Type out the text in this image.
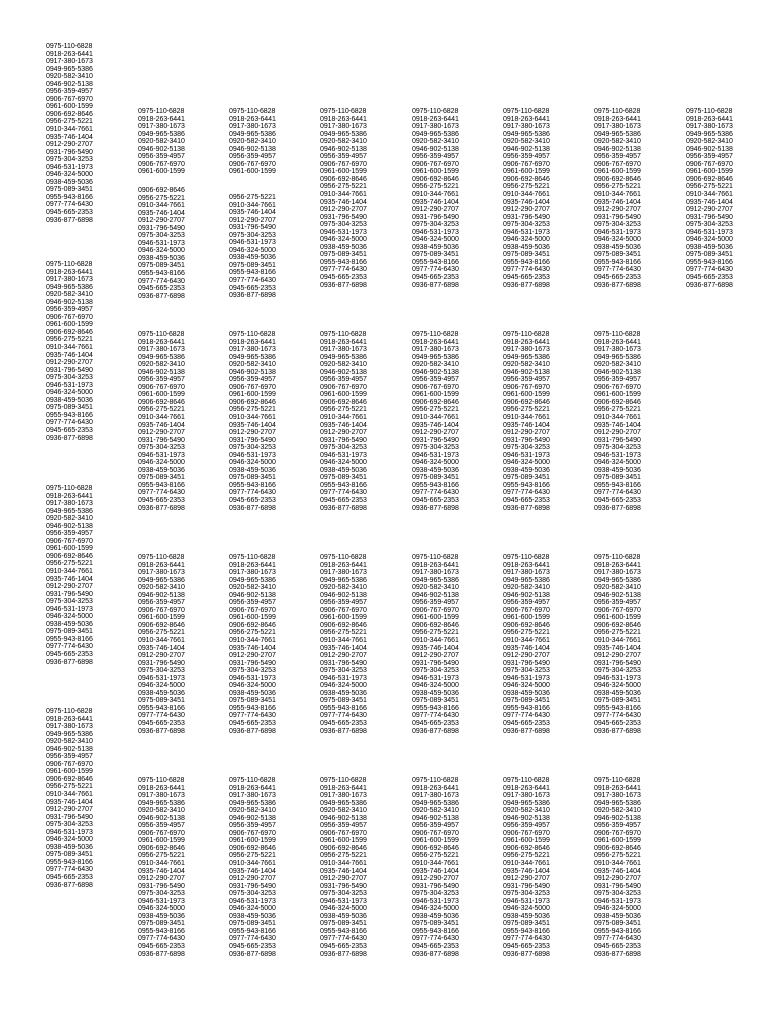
0975-110-6828
0918-263-6441
0917-380-1673
0949-965-5386
0920-582-3410
0946-902-5138
0956-359-4957
0906-767-6970
0961-600-1599
0906-692-8646
0956-275-5221
0910-344-7661
0935-746-1404
0912-290-2707
0931-796-5490
0975-304-3253
0946-531-1973
0946-324-5000
0938-459-5036
0975-089-3451
0955-943-8166
0977-774-6430
0945-665-2353
0936-877-6898
0975-110-6828
0918-263-6441
0917-380-1673
0949-965-5386
0920-582-3410
0946-902-5138
0956-359-4957
0906-767-6970
0961-600-1599
0906-692-8646
0956-275-5221
0910-344-7661
0935-746-1404
0912-290-2707
0931-796-5490
0975-304-3253
0946-531-1973
0946-324-5000
0938-459-5036
0975-089-3451
0955-943-8166
0977-774-6430
0945-665-2353
0936-877-6898
0975-110-6828
0918-263-6441
0917-380-1673
0949-965-5386
0920-582-3410
0946-902-5138
0956-359-4957
0906-767-6970
0961-600-1599
0906-692-8646
0956-275-5221
0910-344-7661
0935-746-1404
0912-290-2707
0931-796-5490
0975-304-3253
0946-531-1973
0946-324-5000
0938-459-5036
0975-089-3451
0955-943-8166
0977-774-6430
0945-665-2353
0936-877-6898
0975-110-6828
0918-263-6441
0917-380-1673
0949-965-5386
0920-582-3410
0946-902-5138
0956-359-4957
0906-767-6970
0961-600-1599
0906-692-8646
0956-275-5221
0910-344-7661
0935-746-1404
0912-290-2707
0931-796-5490
0975-304-3253
0946-531-1973
0946-324-5000
0938-459-5036
0975-089-3451
0955-943-8166
0977-774-6430
0945-665-2353
0936-877-6898
0975-110-6828
0918-263-6441
0917-380-1673
0949-965-5386
0920-582-3410
0946-902-5138
0956-359-4957
0906-767-6970
0961-600-1599
0906-692-8646
0956-275-5221
0910-344-7661
0935-746-1404
0912-290-2707
0931-796-5490
0975-304-3253
0946-531-1973
0946-324-5000
0938-459-5036
0975-089-3451
0955-943-8166
0977-774-6430
0945-665-2353
0936-877-6898
0975-110-6828
0918-263-6441
0917-380-1673
0949-965-5386
0920-582-3410
0946-902-5138
0956-359-4957
0906-767-6970
0961-600-1599
0956-275-5221
0910-344-7661
0935-746-1404
0912-290-2707
0931-796-5490
0975-304-3253
0946-531-1973
0946-324-5000
0938-459-5036
0975-089-3451
0955-943-8166
0977-774-6430
0945-665-2353
0936-877-6898
0975-110-6828
0918-263-6441
0917-380-1673
0949-965-5386
0920-582-3410
0946-902-5138
0956-359-4957
0906-767-6970
0961-600-1599
0906-692-8646
0956-275-5221
0910-344-7661
0935-746-1404
0912-290-2707
0931-796-5490
0975-304-3253
0946-531-1973
0946-324-5000
0938-459-5036
0975-089-3451
0955-943-8166
0977-774-6430
0945-665-2353
0936-877-6898
0975-110-6828
0918-263-6441
0917-380-1673
0949-965-5386
0920-582-3410
0946-902-5138
0956-359-4957
0906-767-6970
0961-600-1599
0906-692-8646
0956-275-5221
0910-344-7661
0935-746-1404
0912-290-2707
0931-796-5490
0975-304-3253
0946-531-1973
0946-324-5000
0938-459-5036
0975-089-3451
0955-943-8166
0977-774-6430
0945-665-2353
0936-877-6898
0975-110-6828
0918-263-6441
0917-380-1673
0949-965-5386
0920-582-3410
0946-902-5138
0956-359-4957
0906-767-6970
0961-600-1599
0906-692-8646
0956-275-5221
0910-344-7661
0935-746-1404
0912-290-2707
0931-796-5490
0975-304-3253
0946-531-1973
0946-324-5000
0938-459-5036
0975-089-3451
0955-943-8166
0977-774-6430
0945-665-2353
0936-877-6898
0975-110-6828
0918-263-6441
0917-380-1673
0949-965-5386
0920-582-3410
0946-902-5138
0956-359-4957
0906-767-6970
0961-600-1599
0906-692-8646
0956-275-5221
0910-344-7661
0935-746-1404
0912-290-2707
0931-796-5490
0975-304-3253
0946-531-1973
0946-324-5000
0938-459-5036
0975-089-3451
0955-943-8166
0977-774-6430
0945-665-2353
0936-877-6898
0975-110-6828
0918-263-6441
0917-380-1673
0949-965-5386
0920-582-3410
0946-902-5138
0956-359-4957
0906-767-6970
0961-600-1599
0906-692-8646
0956-275-5221
0910-344-7661
0935-746-1404
0912-290-2707
0931-796-5490
0975-304-3253
0946-531-1973
0946-324-5000
0938-459-5036
0975-089-3451
0955-943-8166
0977-774-6430
0945-665-2353
0936-877-6898
0975-110-6828
0918-263-6441
0917-380-1673
0949-965-5386
0920-582-3410
0946-902-5138
0956-359-4957
0906-767-6970
0961-600-1599
0906-692-8646
0956-275-5221
0910-344-7661
0935-746-1404
0912-290-2707
0931-796-5490
0975-304-3253
0946-531-1973
0946-324-5000
0938-459-5036
0975-089-3451
0955-943-8166
0977-774-6430
0945-665-2353
0936-877-6898
0975-110-6828
0918-263-6441
0917-380-1673
0949-965-5386
0920-582-3410
0946-902-5138
0956-359-4957
0906-767-6970
0961-600-1599
0906-692-8646
0956-275-5221
0910-344-7661
0935-746-1404
0912-290-2707
0931-796-5490
0975-304-3253
0946-531-1973
0946-324-5000
0938-459-5036
0975-089-3451
0955-943-8166
0977-774-6430
0945-665-2353
0936-877-6898
0975-110-6828
0918-263-6441
0917-380-1673
0949-965-5386
0920-582-3410
0946-902-5138
0956-359-4957
0906-767-6970
0961-600-1599
0906-692-8646
0956-275-5221
0910-344-7661
0935-746-1404
0912-290-2707
0931-796-5490
0975-304-3253
0946-531-1973
0946-324-5000
0938-459-5036
0975-089-3451
0955-943-8166
0977-774-6430
0945-665-2353
0936-877-6898
0975-110-6828
0918-263-6441
0917-380-1673
0949-965-5386
0920-582-3410
0946-902-5138
0956-359-4957
0906-767-6970
0961-600-1599
0906-692-8646
0956-275-5221
0910-344-7661
0935-746-1404
0912-290-2707
0931-796-5490
0975-304-3253
0946-531-1973
0946-324-5000
0938-459-5036
0975-089-3451
0955-943-8166
0977-774-6430
0945-665-2353
0936-877-6898
0975-110-6828
0918-263-6441
0917-380-1673
0949-965-5386
0920-582-3410
0946-902-5138
0956-359-4957
0906-767-6970
0961-600-1599
0906-692-8646
0956-275-5221
0910-344-7661
0935-746-1404
0912-290-2707
0931-796-5490
0975-304-3253
0946-531-1973
0946-324-5000
0938-459-5036
0975-089-3451
0955-943-8166
0977-774-6430
0945-665-2353
0936-877-6898
0975-110-6828
0918-263-6441
0917-380-1673
0949-965-5386
0920-582-3410
0946-902-5138
0956-359-4957
0906-767-6970
0961-600-1599
0906-692-8646
0956-275-5221
0910-344-7661
0935-746-1404
0912-290-2707
0931-796-5490
0975-304-3253
0946-531-1973
0946-324-5000
0938-459-5036
0975-089-3451
0955-943-8166
0977-774-6430
0945-665-2353
0936-877-6898
0975-110-6828
0918-263-6441
0917-380-1673
0949-965-5386
0920-582-3410
0946-902-5138
0956-359-4957
0906-767-6970
0961-600-1599
0906-692-8646
0956-275-5221
0910-344-7661
0935-746-1404
0912-290-2707
0931-796-5490
0975-304-3253
0946-531-1973
0946-324-5000
0938-459-5036
0975-089-3451
0955-943-8166
0977-774-6430
0945-665-2353
0936-877-6898
0975-110-6828
0918-263-6441
0917-380-1673
0949-965-5386
0920-582-3410
0946-902-5138
0956-359-4957
0906-767-6970
0961-600-1599
0906-692-8646
0956-275-5221
0910-344-7661
0935-746-1404
0912-290-2707
0931-796-5490
0975-304-3253
0946-531-1973
0946-324-5000
0938-459-5036
0975-089-3451
0955-943-8166
0977-774-6430
0945-665-2353
0936-877-6898
0975-110-6828
0918-263-6441
0917-380-1673
0949-965-5386
0920-582-3410
0946-902-5138
0956-359-4957
0906-767-6970
0961-600-1599
0906-692-8646
0956-275-5221
0910-344-7661
0935-746-1404
0912-290-2707
0931-796-5490
0975-304-3253
0946-531-1973
0946-324-5000
0938-459-5036
0975-089-3451
0955-943-8166
0977-774-6430
0945-665-2353
0936-877-6898
0975-110-6828
0918-263-6441
0917-380-1673
0949-965-5386
0920-582-3410
0946-902-5138
0956-359-4957
0906-767-6970
0961-600-1599
0906-692-8646
0956-275-5221
0910-344-7661
0935-746-1404
0912-290-2707
0931-796-5490
0975-304-3253
0946-531-1973
0946-324-5000
0938-459-5036
0975-089-3451
0955-943-8166
0977-774-6430
0945-665-2353
0936-877-6898
0975-110-6828
0918-263-6441
0917-380-1673
0949-965-5386
0920-582-3410
0946-902-5138
0956-359-4957
0906-767-6970
0961-600-1599
0906-692-8646
0956-275-5221
0910-344-7661
0935-746-1404
0912-290-2707
0931-796-5490
0975-304-3253
0946-531-1973
0946-324-5000
0938-459-5036
0975-089-3451
0955-943-8166
0977-774-6430
0945-665-2353
0936-877-6898
0975-110-6828
0918-263-6441
0917-380-1673
0949-965-5386
0920-582-3410
0946-902-5138
0956-359-4957
0906-767-6970
0961-600-1599
0906-692-8646
0956-275-5221
0910-344-7661
0935-746-1404
0912-290-2707
0931-796-5490
0975-304-3253
0946-531-1973
0946-324-5000
0938-459-5036
0975-089-3451
0955-943-8166
0977-774-6430
0945-665-2353
0936-877-6898
0975-110-6828
0918-263-6441
0917-380-1673
0949-965-5386
0920-582-3410
0946-902-5138
0956-359-4957
0906-767-6970
0961-600-1599
0906-692-8646
0956-275-5221
0910-344-7661
0935-746-1404
0912-290-2707
0931-796-5490
0975-304-3253
0946-531-1973
0946-324-5000
0938-459-5036
0975-089-3451
0955-943-8166
0977-774-6430
0945-665-2353
0936-877-6898
0975-110-6828
0918-263-6441
0917-380-1673
0949-965-5386
0920-582-3410
0946-902-5138
0956-359-4957
0906-767-6970
0961-600-1599
0906-692-8646
0956-275-5221
0910-344-7661
0935-746-1404
0912-290-2707
0931-796-5490
0975-304-3253
0946-531-1973
0946-324-5000
0938-459-5036
0975-089-3451
0955-943-8166
0977-774-6430
0945-665-2353
0936-877-6898
0975-110-6828
0918-263-6441
0917-380-1673
0949-965-5386
0920-582-3410
0946-902-5138
0956-359-4957
0906-767-6970
0961-600-1599
0906-692-8646
0956-275-5221
0910-344-7661
0935-746-1404
0912-290-2707
0931-796-5490
0975-304-3253
0946-531-1973
0946-324-5000
0938-459-5036
0975-089-3451
0955-943-8166
0977-774-6430
0945-665-2353
0936-877-6898
0975-110-6828
0918-263-6441
0917-380-1673
0949-965-5386
0920-582-3410
0946-902-5138
0956-359-4957
0906-767-6970
0961-600-1599
0906-692-8646
0956-275-5221
0910-344-7661
0935-746-1404
0912-290-2707
0931-796-5490
0975-304-3253
0946-531-1973
0946-324-5000
0938-459-5036
0975-089-3451
0955-943-8166
0977-774-6430
0945-665-2353
0936-877-6898
0975-110-6828
0918-263-6441
0917-380-1673
0949-965-5386
0920-582-3410
0946-902-5138
0956-359-4957
0906-767-6970
0961-600-1599
0906-692-8646
0956-275-5221
0910-344-7661
0935-746-1404
0912-290-2707
0931-796-5490
0975-304-3253
0946-531-1973
0946-324-5000
0938-459-5036
0975-089-3451
0955-943-8166
0977-774-6430
0945-665-2353
0936-877-6898
0975-110-6828
0918-263-6441
0917-380-1673
0949-965-5386
0920-582-3410
0946-902-5138
0956-359-4957
0906-767-6970
0961-600-1599
0906-692-8646
0956-275-5221
0910-344-7661
0935-746-1404
0912-290-2707
0931-796-5490
0975-304-3253
0946-531-1973
0946-324-5000
0938-459-5036
0975-089-3451
0955-943-8166
0977-774-6430
0945-665-2353
0936-877-6898
